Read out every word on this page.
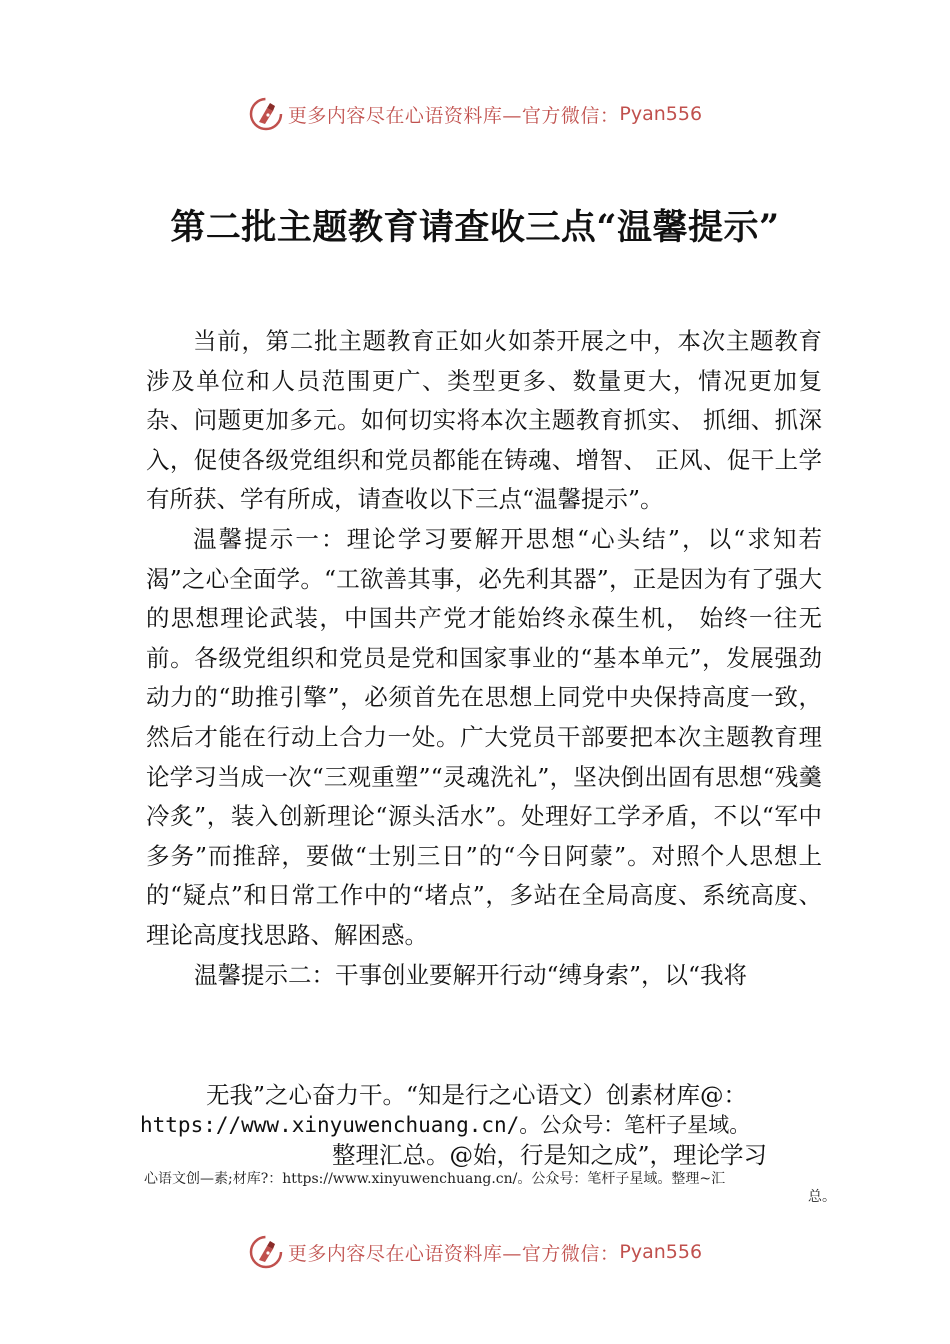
更多内容尽在心语资料库—官方微信： Pyan556
第二批主题教育请查收三点“温馨提示”

当前，第二批主题教育正如火如荼开展之中，本次主题教育涉及单位和人员范围更广、类型更多、数量更大，情况更加复杂、问题更加多元。如何切实将本次主题教育抓实、 抓细、抓深入，促使各级党组织和党员都能在铸魂、增智、 正风、促干上学有所获、学有所成，请查收以下三点“温馨提示”。

温馨提示一：理论学习要解开思想“心头结”，以“求知若渴”之心全面学。“工欲善其事，必先利其器”，正是因为有了强大的思想理论武装，中国共产党才能始终永葆生机， 始终一往无前。各级党组织和党员是党和国家事业的“基本单元”，发展强劲动力的“助推引擎”，必须首先在思想上同党中央保持高度一致，然后才能在行动上合力一处。广大党员干部要把本次主题教育理论学习当成一次“三观重塑”“灵魂洗礼”，坚决倒出固有思想“残羹冷炙”，装入创新理论“源头活水”。处理好工学矛盾，不以“军中多务”而推辞，要做“士别三日”的“今日阿蒙”。对照个人思想上的“疑点”和日常工作中的“堵点”，多站在全局高度、系统高度、理论高度找思路、解困惑。

温馨提示二：干事创业要解开行动“缚身索”，以“我将

无我”之心奋力干。“知是行之心语文）创素材库@：
https://www.xinyuwenchuang.cn/。公众号：笔杆子星域。
整理汇总。@始，行是知之成”，理论学习
心语文创—素;材库?：https://www.xinyuwenchuang.cn/。公众号：笔杆子星域。整理~汇
总。
更多内容尽在心语资料库—官方微信： Pyan556
